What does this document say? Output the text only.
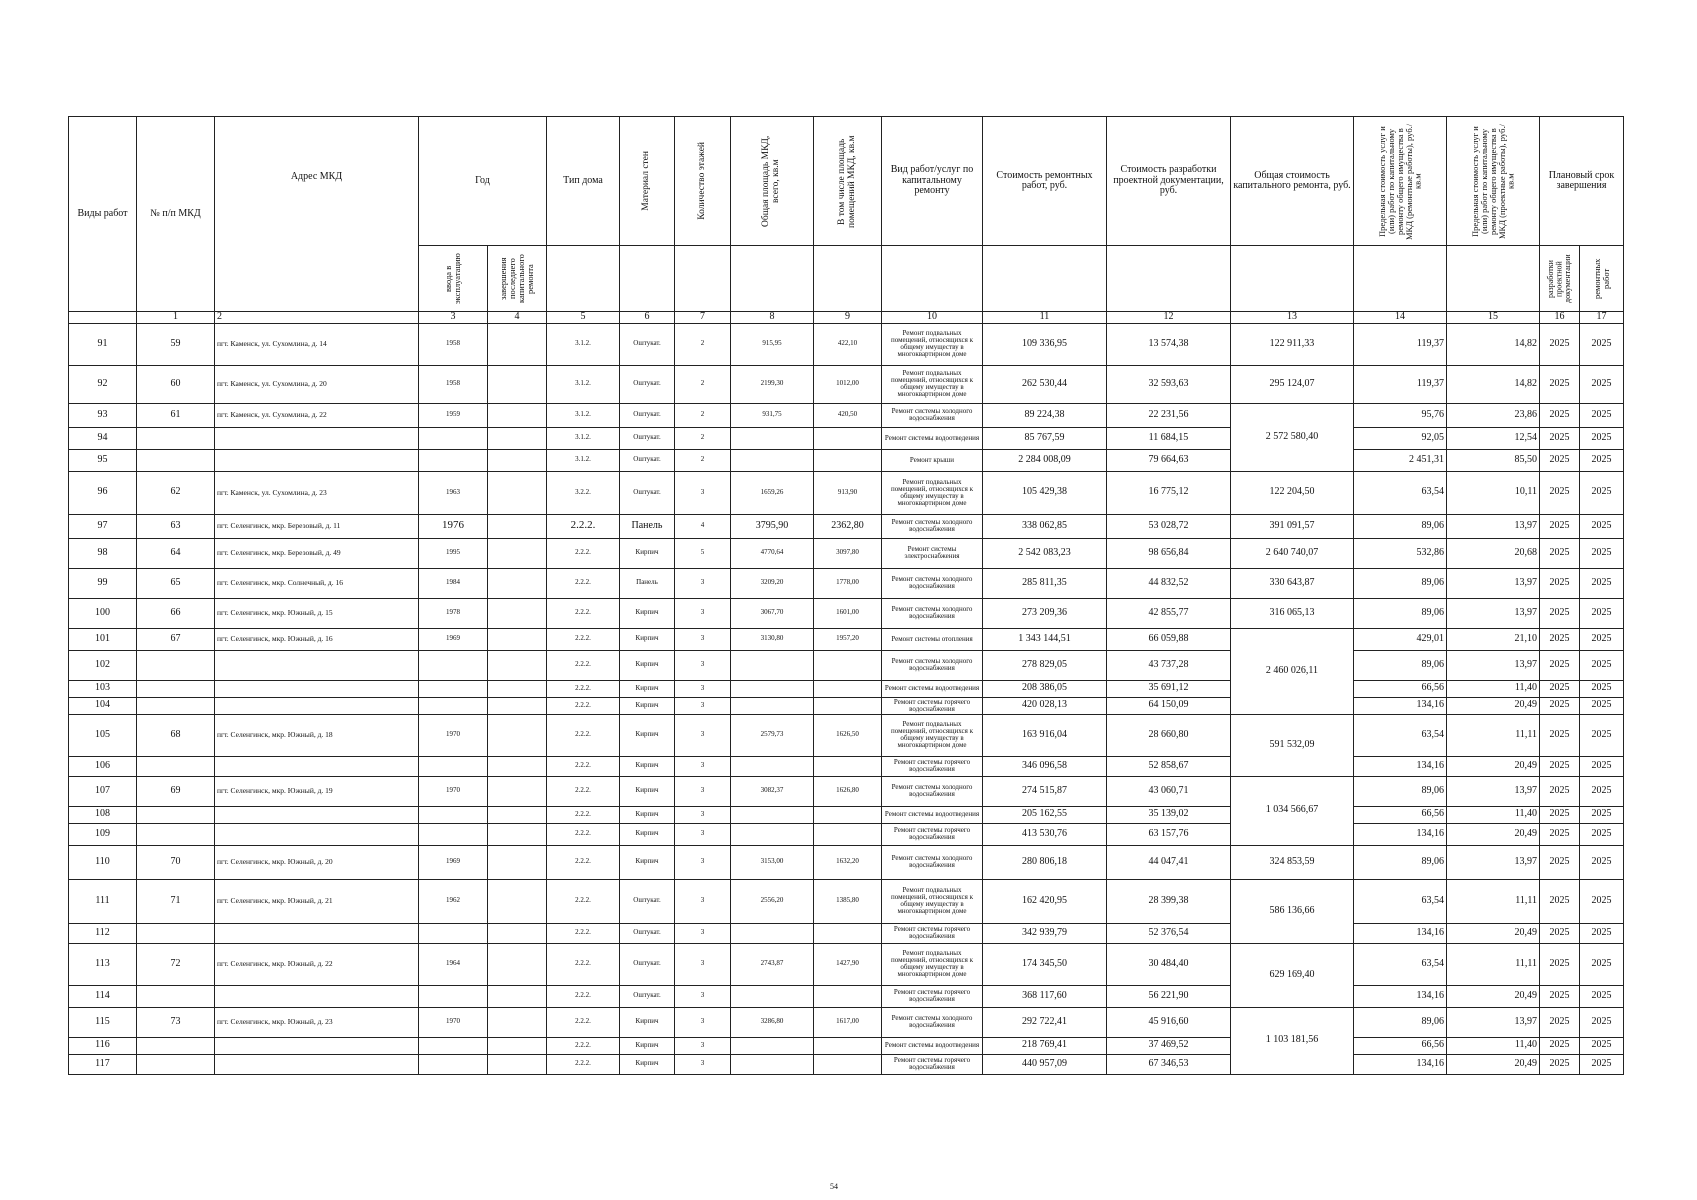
Виды работ	№ п/п МКД	Адрес МКД	Год		Тип дома	Материал стен	Количество этажей	Общая площадь МКД, всего, кв.м	В том числе площадь помещений МКД, кв.м	Вид работ/услуг по капитальному ремонту	Стоимость ремонтных работ, руб.	Стоимость разработки проектной документации, руб.	Общая стоимость капитального ремонта, руб.	Предельная стоимость услуг и (или) работ по капитальному ремонту общего имущества в МКД (ремонтные работы), руб./кв.м	Предельная стоимость услуг и (или) работ по капитальному ремонту общего имущества в МКД (проектные работы), руб./кв.м	Плановый срок завершения	

			ввода в эксплуатацию	завершения последнего капитального ремонта												разработки проектной документации	ремонтных работ

	1	2	3	4	5	6	7	8	9	10	11	12	13	14	15	16	17
91	59	пгт. Каменск, ул. Сухомлина, д. 14	1958		3.1.2.	Оштукат.	2	915,95	422,10	Ремонт подвальных помещений, относящихся к общему имуществу в многоквартирном доме	109 336,95	13 574,38	122 911,33	119,37	14,82	2025	2025
92	60	пгт. Каменск, ул. Сухомлина, д. 20	1958		3.1.2.	Оштукат.	2	2199,30	1012,00	Ремонт подвальных помещений, относящихся к общему имуществу в многоквартирном доме	262 530,44	32 593,63	295 124,07	119,37	14,82	2025	2025
93	61	пгт. Каменск, ул. Сухомлина, д. 22	1959		3.1.2.	Оштукат.	2	931,75	420,50	Ремонт системы холодного водоснабжения	89 224,38	22 231,56	2 572 580,40	95,76	23,86	2025	2025
94					3.1.2.	Оштукат.	2			Ремонт системы водоотведения	85 767,59	11 684,15		92,05	12,54	2025	2025
95					3.1.2.	Оштукат.	2			Ремонт крыши	2 284 008,09	79 664,63		2 451,31	85,50	2025	2025
96	62	пгт. Каменск, ул. Сухомлина, д. 23	1963		3.2.2.	Оштукат.	3	1659,26	913,90	Ремонт подвальных помещений, относящихся к общему имуществу в многоквартирном доме	105 429,38	16 775,12	122 204,50	63,54	10,11	2025	2025
97	63	пгт. Селенгинск, мкр. Березовый, д. 11	1976		2.2.2.	Панель	4	3795,90	2362,80	Ремонт системы холодного водоснабжения	338 062,85	53 028,72	391 091,57	89,06	13,97	2025	2025
98	64	пгт. Селенгинск, мкр. Березовый, д. 49	1995		2.2.2.	Кирпич	5	4770,64	3097,80	Ремонт системы электроснабжения	2 542 083,23	98 656,84	2 640 740,07	532,86	20,68	2025	2025
99	65	пгт. Селенгинск, мкр. Солнечный, д. 16	1984		2.2.2.	Панель	3	3209,20	1778,00	Ремонт системы холодного водоснабжения	285 811,35	44 832,52	330 643,87	89,06	13,97	2025	2025
100	66	пгт. Селенгинск, мкр. Южный, д. 15	1978		2.2.2.	Кирпич	3	3067,70	1601,00	Ремонт системы холодного водоснабжения	273 209,36	42 855,77	316 065,13	89,06	13,97	2025	2025
101	67	пгт. Селенгинск, мкр. Южный, д. 16	1969		2.2.2.	Кирпич	3	3130,80	1957,20	Ремонт системы отопления	1 343 144,51	66 059,88	2 460 026,11	429,01	21,10	2025	2025
102					2.2.2.	Кирпич	3			Ремонт системы холодного водоснабжения	278 829,05	43 737,28		89,06	13,97	2025	2025
103					2.2.2.	Кирпич	3			Ремонт системы водоотведения	208 386,05	35 691,12		66,56	11,40	2025	2025
104					2.2.2.	Кирпич	3			Ремонт системы горячего водоснабжения	420 028,13	64 150,09		134,16	20,49	2025	2025
105	68	пгт. Селенгинск, мкр. Южный, д. 18	1970		2.2.2.	Кирпич	3	2579,73	1626,50	Ремонт подвальных помещений, относящихся к общему имуществу в многоквартирном доме	163 916,04	28 660,80	591 532,09	63,54	11,11	2025	2025
106					2.2.2.	Кирпич	3			Ремонт системы горячего водоснабжения	346 096,58	52 858,67		134,16	20,49	2025	2025
107	69	пгт. Селенгинск, мкр. Южный, д. 19	1970		2.2.2.	Кирпич	3	3082,37	1626,80	Ремонт системы холодного водоснабжения	274 515,87	43 060,71	1 034 566,67	89,06	13,97	2025	2025
108					2.2.2.	Кирпич	3			Ремонт системы водоотведения	205 162,55	35 139,02		66,56	11,40	2025	2025
109					2.2.2.	Кирпич	3			Ремонт системы горячего водоснабжения	413 530,76	63 157,76		134,16	20,49	2025	2025
110	70	пгт. Селенгинск, мкр. Южный, д. 20	1969		2.2.2.	Кирпич	3	3153,00	1632,20	Ремонт системы холодного водоснабжения	280 806,18	44 047,41	324 853,59	89,06	13,97	2025	2025
111	71	пгт. Селенгинск, мкр. Южный, д. 21	1962		2.2.2.	Оштукат.	3	2556,20	1385,80	Ремонт подвальных помещений, относящихся к общему имуществу в многоквартирном доме	162 420,95	28 399,38	586 136,66	63,54	11,11	2025	2025
112					2.2.2.	Оштукат.	3			Ремонт системы горячего водоснабжения	342 939,79	52 376,54		134,16	20,49	2025	2025
113	72	пгт. Селенгинск, мкр. Южный, д. 22	1964		2.2.2.	Оштукат.	3	2743,87	1427,90	Ремонт подвальных помещений, относящихся к общему имуществу в многоквартирном доме	174 345,50	30 484,40	629 169,40	63,54	11,11	2025	2025
114					2.2.2.	Оштукат.	3			Ремонт системы горячего водоснабжения	368 117,60	56 221,90		134,16	20,49	2025	2025
115	73	пгт. Селенгинск, мкр. Южный, д. 23	1970		2.2.2.	Кирпич	3	3286,80	1617,00	Ремонт системы холодного водоснабжения	292 722,41	45 916,60	1 103 181,56	89,06	13,97	2025	2025
116					2.2.2.	Кирпич	3			Ремонт системы водоотведения	218 769,41	37 469,52		66,56	11,40	2025	2025
117					2.2.2.	Кирпич	3			Ремонт системы горячего водоснабжения	440 957,09	67 346,53		134,16	20,49	2025	2025
54
